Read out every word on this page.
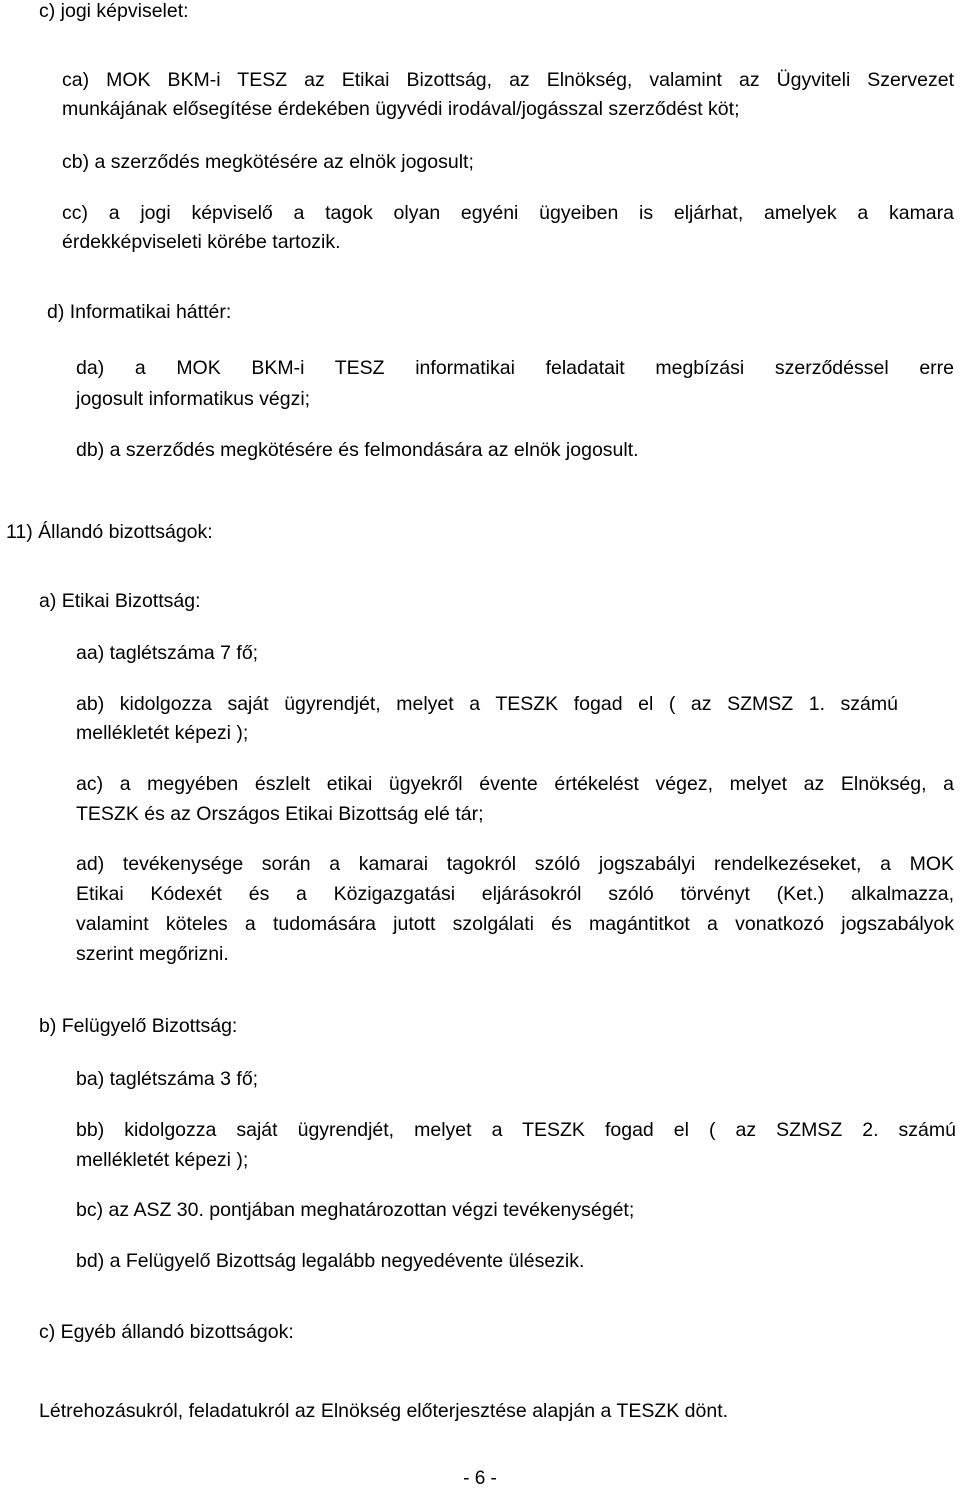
c) jogi képviselet:
ca) MOK BKM-i TESZ az Etikai Bizottság, az Elnökség, valamint az Ügyviteli Szervezet
munkájának elősegítése érdekében ügyvédi irodával/jogásszal szerződést köt;
cb) a szerződés megkötésére az elnök jogosult;
cc) a jogi képviselő a tagok olyan egyéni ügyeiben is eljárhat, amelyek a kamara
érdekképviseleti körébe tartozik.
d) Informatikai háttér:
da) a MOK BKM-i TESZ informatikai feladatait megbízási szerződéssel erre
jogosult informatikus végzi;
db) a szerződés megkötésére és felmondására az elnök jogosult.
11) Állandó bizottságok:
a) Etikai Bizottság:
aa) taglétszáma 7 fő;
ab) kidolgozza saját ügyrendjét, melyet a TESZK fogad el ( az SZMSZ 1. számú
mellékletét képezi );
ac) a megyében észlelt etikai ügyekről évente értékelést végez, melyet az Elnökség, a
TESZK és az Országos Etikai Bizottság elé tár;
ad) tevékenysége során a kamarai tagokról szóló jogszabályi rendelkezéseket, a MOK
Etikai Kódexét és a Közigazgatási eljárásokról szóló törvényt (Ket.) alkalmazza,
valamint köteles a tudomására jutott szolgálati és magántitkot a vonatkozó jogszabályok
szerint megőrizni.
b) Felügyelő Bizottság:
ba) taglétszáma 3 fő;
bb) kidolgozza saját ügyrendjét, melyet a TESZK fogad el ( az SZMSZ 2. számú
mellékletét képezi );
bc) az ASZ 30. pontjában meghatározottan végzi tevékenységét;
bd) a Felügyelő Bizottság legalább negyedévente ülésezik.
c) Egyéb állandó bizottságok:
Létrehozásukról, feladatukról az Elnökség előterjesztése alapján a TESZK dönt.
- 6 -
